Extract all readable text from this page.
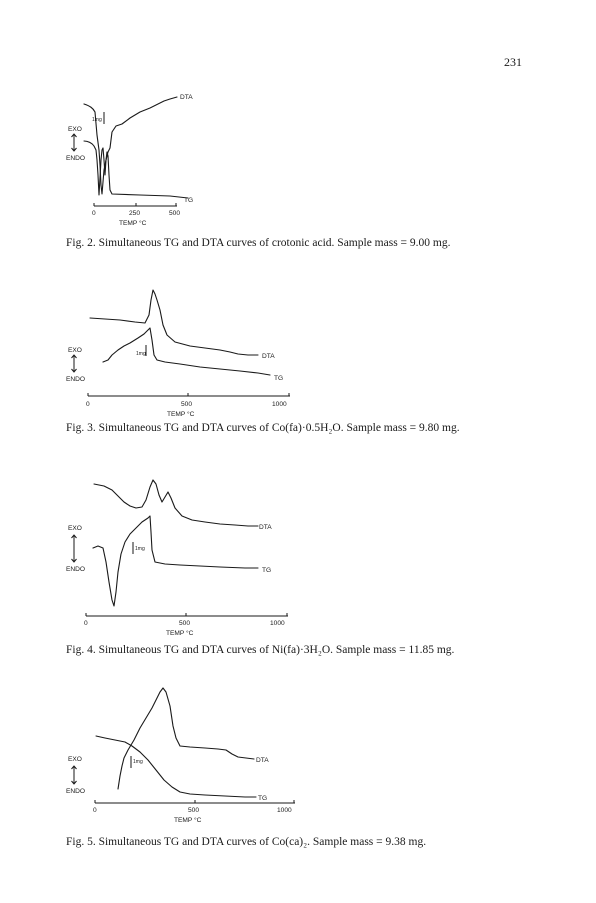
231
1mg
EXO
ENDO
DTA
TG
0	250	500
TEMP °C
Fig. 2. Simultaneous TG and DTA curves of crotonic acid. Sample mass = 9.00 mg.
1mg
EXO
ENDO
DTA
TG
0	500	1000
TEMP °C
Fig. 3. Simultaneous TG and DTA curves of Co(fa)·0.5H₂O. Sample mass = 9.80 mg.
1mg
EXO
ENDO
DTA
TG
0	500	1000
TEMP °C
Fig. 4. Simultaneous TG and DTA curves of Ni(fa)·3H₂O. Sample mass = 11.85 mg.
1mg
EXO
ENDO
DTA
TG
0	500	1000
TEMP °C
Fig. 5. Simultaneous TG and DTA curves of Co(ca)₂. Sample mass = 9.38 mg.
